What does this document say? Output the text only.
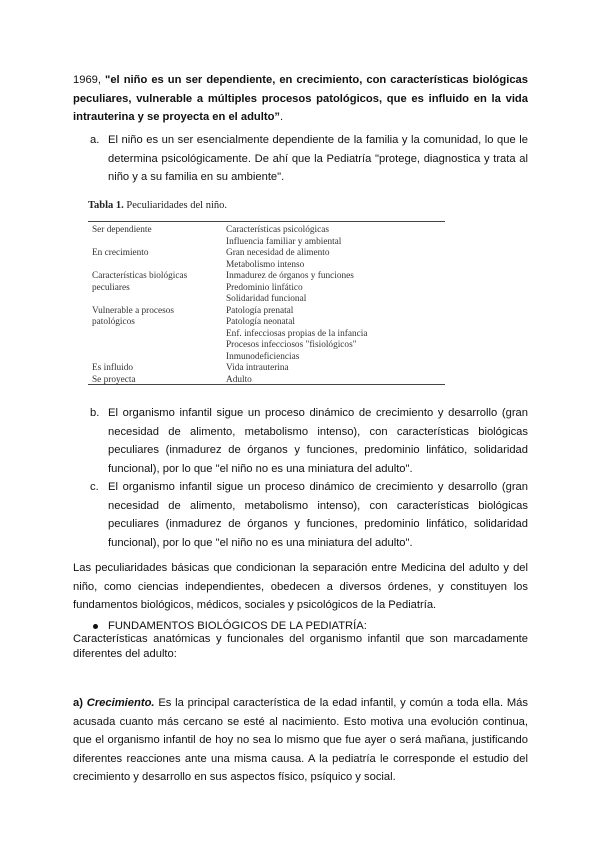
1969, "el niño es un ser dependiente, en crecimiento, con características biológicas peculiares, vulnerable a múltiples procesos patológicos, que es influido en la vida intrauterina y se proyecta en el adulto”.
a. El niño es un ser esencialmente dependiente de la familia y la comunidad, lo que le determina psicológicamente. De ahí que la Pediatría "protege, diagnostica y trata al niño y a su familia en su ambiente".
Tabla 1. Peculiaridades del niño.
Ser dependiente
En crecimiento
Características biológicas
peculiares
Vulnerable a procesos
patológicos
Es influido
Se proyecta
Características psicológicas
Influencia familiar y ambiental
Gran necesidad de alimento
Metabolismo intenso
Inmadurez de órganos y funciones
Predominio linfático
Solidaridad funcional
Patología prenatal
Patología neonatal
Enf. infecciosas propias de la infancia
Procesos infecciosos "fisiológicos"
Inmunodeficiencias
Vida intrauterina
Adulto
b. El organismo infantil sigue un proceso dinámico de crecimiento y desarrollo (gran necesidad de alimento, metabolismo intenso), con características biológicas peculiares (inmadurez de órganos y funciones, predominio linfático, solidaridad funcional), por lo que "el niño no es una miniatura del adulto".
c. El organismo infantil sigue un proceso dinámico de crecimiento y desarrollo (gran necesidad de alimento, metabolismo intenso), con características biológicas peculiares (inmadurez de órganos y funciones, predominio linfático, solidaridad funcional), por lo que "el niño no es una miniatura del adulto".
Las peculiaridades básicas que condicionan la separación entre Medicina del adulto y del niño, como ciencias independientes, obedecen a diversos órdenes, y constituyen los fundamentos biológicos, médicos, sociales y psicológicos de la Pediatría.
FUNDAMENTOS BIOLÓGICOS DE LA PEDIATRÍA:
Características anatómicas y funcionales del organismo infantil que son marcadamente diferentes del adulto:
a) Crecimiento. Es la principal característica de la edad infantil, y común a toda ella. Más acusada cuanto más cercano se esté al nacimiento. Esto motiva una evolución continua, que el organismo infantil de hoy no sea lo mismo que fue ayer o será mañana, justificando diferentes reacciones ante una misma causa. A la pediatría le corresponde el estudio del crecimiento y desarrollo en sus aspectos físico, psíquico y social.
